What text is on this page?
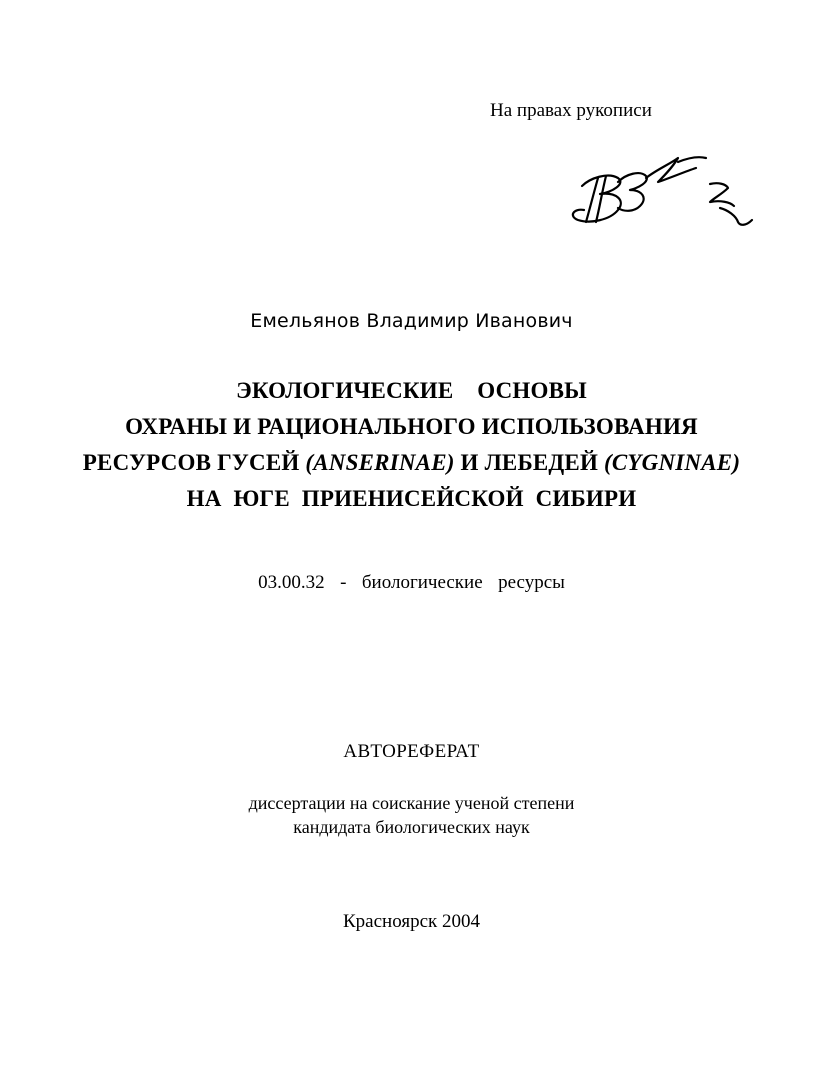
На правах рукописи
Емельянов Владимир Иванович
ЭКОЛОГИЧЕСКИЕ    ОСНОВЫ
ОХРАНЫ И РАЦИОНАЛЬНОГО ИСПОЛЬЗОВАНИЯ
РЕСУРСОВ ГУСЕЙ (ANSERINAE) И ЛЕБЕДЕЙ (CYGNINAE)
НА  ЮГЕ  ПРИЕНИСЕЙСКОЙ  СИБИРИ
03.00.32  -  биологические  ресурсы
АВТОРЕФЕРАТ
диссертации на соискание ученой степени
кандидата биологических наук
Красноярск 2004
